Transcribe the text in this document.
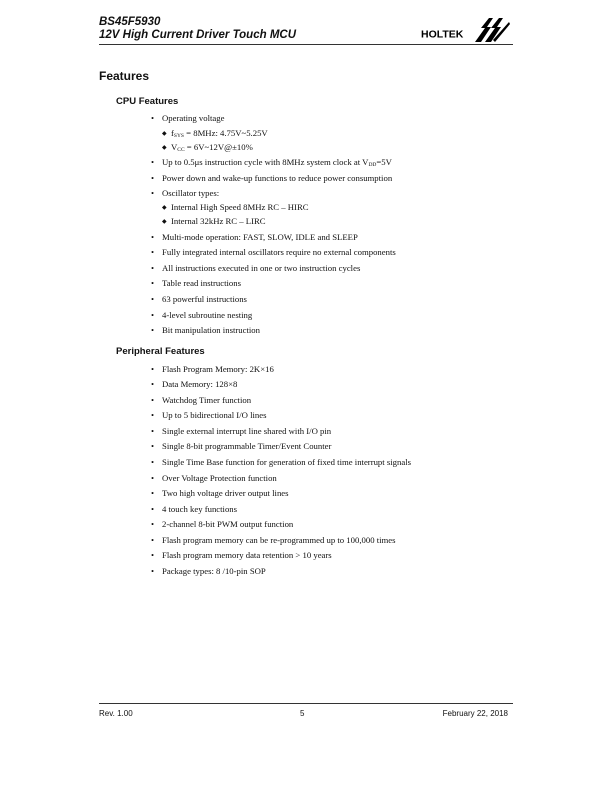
BS45F5930
12V High Current Driver Touch MCU	HOLTEK
Features
CPU Features
• Operating voltage
◆ $f_{SYS} = 8MHz$: 4.75V~5.25V
◆ $V_{CC}$ = 6V~12V@±10%
• Up to 0.5μs instruction cycle with 8MHz system clock at $V_{DD}=5V$
• Power down and wake-up functions to reduce power consumption
• Oscillator types:
◆ Internal High Speed 8MHz RC – HIRC
◆ Internal 32kHz RC – LIRC
• Multi-mode operation: FAST, SLOW, IDLE and SLEEP
• Fully integrated internal oscillators require no external components
• All instructions executed in one or two instruction cycles
• Table read instructions
• 63 powerful instructions
• 4-level subroutine nesting
• Bit manipulation instruction
Peripheral Features
• Flash Program Memory: 2K×16
• Data Memory: 128×8
• Watchdog Timer function
• Up to 5 bidirectional I/O lines
• Single external interrupt line shared with I/O pin
• Single 8-bit programmable Timer/Event Counter
• Single Time Base function for generation of fixed time interrupt signals
• Over Voltage Protection function
• Two high voltage driver output lines
• 4 touch key functions
• 2-channel 8-bit PWM output function
• Flash program memory can be re-programmed up to 100,000 times
• Flash program memory data retention > 10 years
• Package types: 8 /10-pin SOP
Rev. 1.00	5	February 22, 2018
